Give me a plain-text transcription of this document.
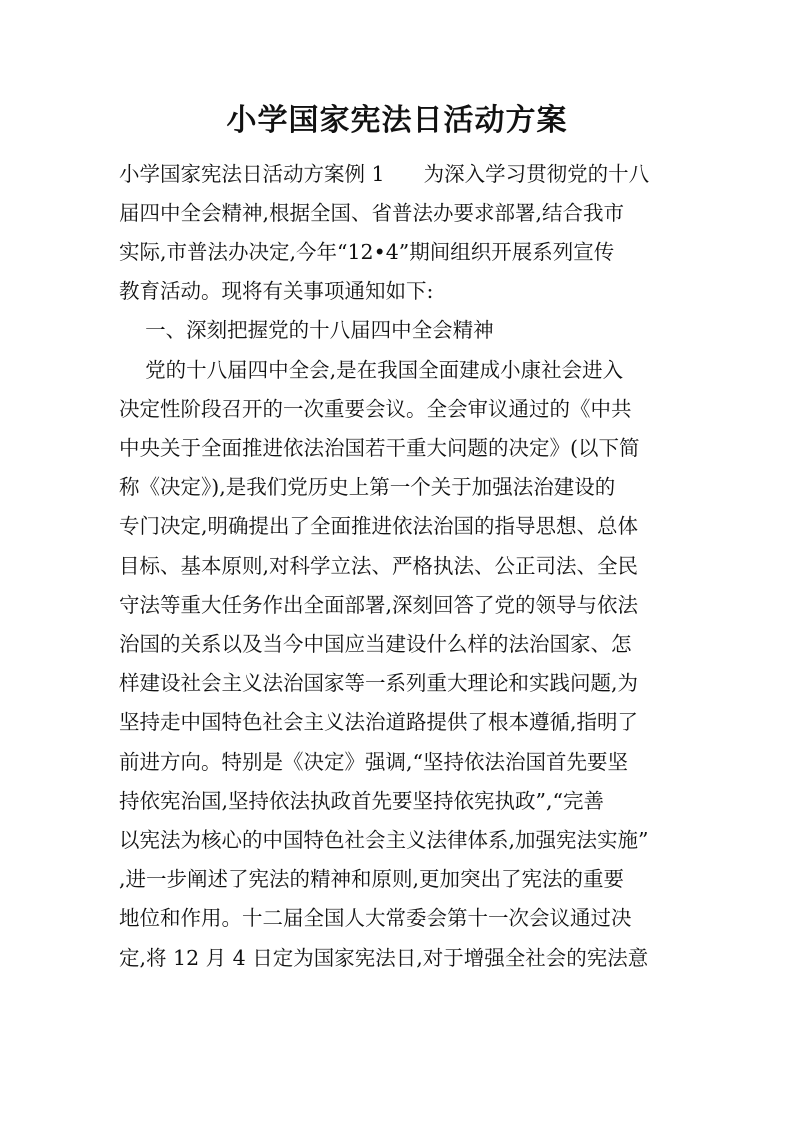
小学国家宪法日活动方案
小学国家宪法日活动方案例 1      为深入学习贯彻党的十八
届四中全会精神,根据全国、省普法办要求部署,结合我市
实际,市普法办决定,今年“12•4”期间组织开展系列宣传
教育活动。现将有关事项通知如下:
一、深刻把握党的十八届四中全会精神
党的十八届四中全会,是在我国全面建成小康社会进入
决定性阶段召开的一次重要会议。全会审议通过的《中共
中央关于全面推进依法治国若干重大问题的决定》(以下简
称《决定》),是我们党历史上第一个关于加强法治建设的
专门决定,明确提出了全面推进依法治国的指导思想、总体
目标、基本原则,对科学立法、严格执法、公正司法、全民
守法等重大任务作出全面部署,深刻回答了党的领导与依法
治国的关系以及当今中国应当建设什么样的法治国家、怎
样建设社会主义法治国家等一系列重大理论和实践问题,为
坚持走中国特色社会主义法治道路提供了根本遵循,指明了
前进方向。特别是《决定》强调,“坚持依法治国首先要坚
持依宪治国,坚持依法执政首先要坚持依宪执政”,“完善
以宪法为核心的中国特色社会主义法律体系,加强宪法实施”
,进一步阐述了宪法的精神和原则,更加突出了宪法的重要
地位和作用。十二届全国人大常委会第十一次会议通过决
定,将 12 月 4 日定为国家宪法日,对于增强全社会的宪法意
